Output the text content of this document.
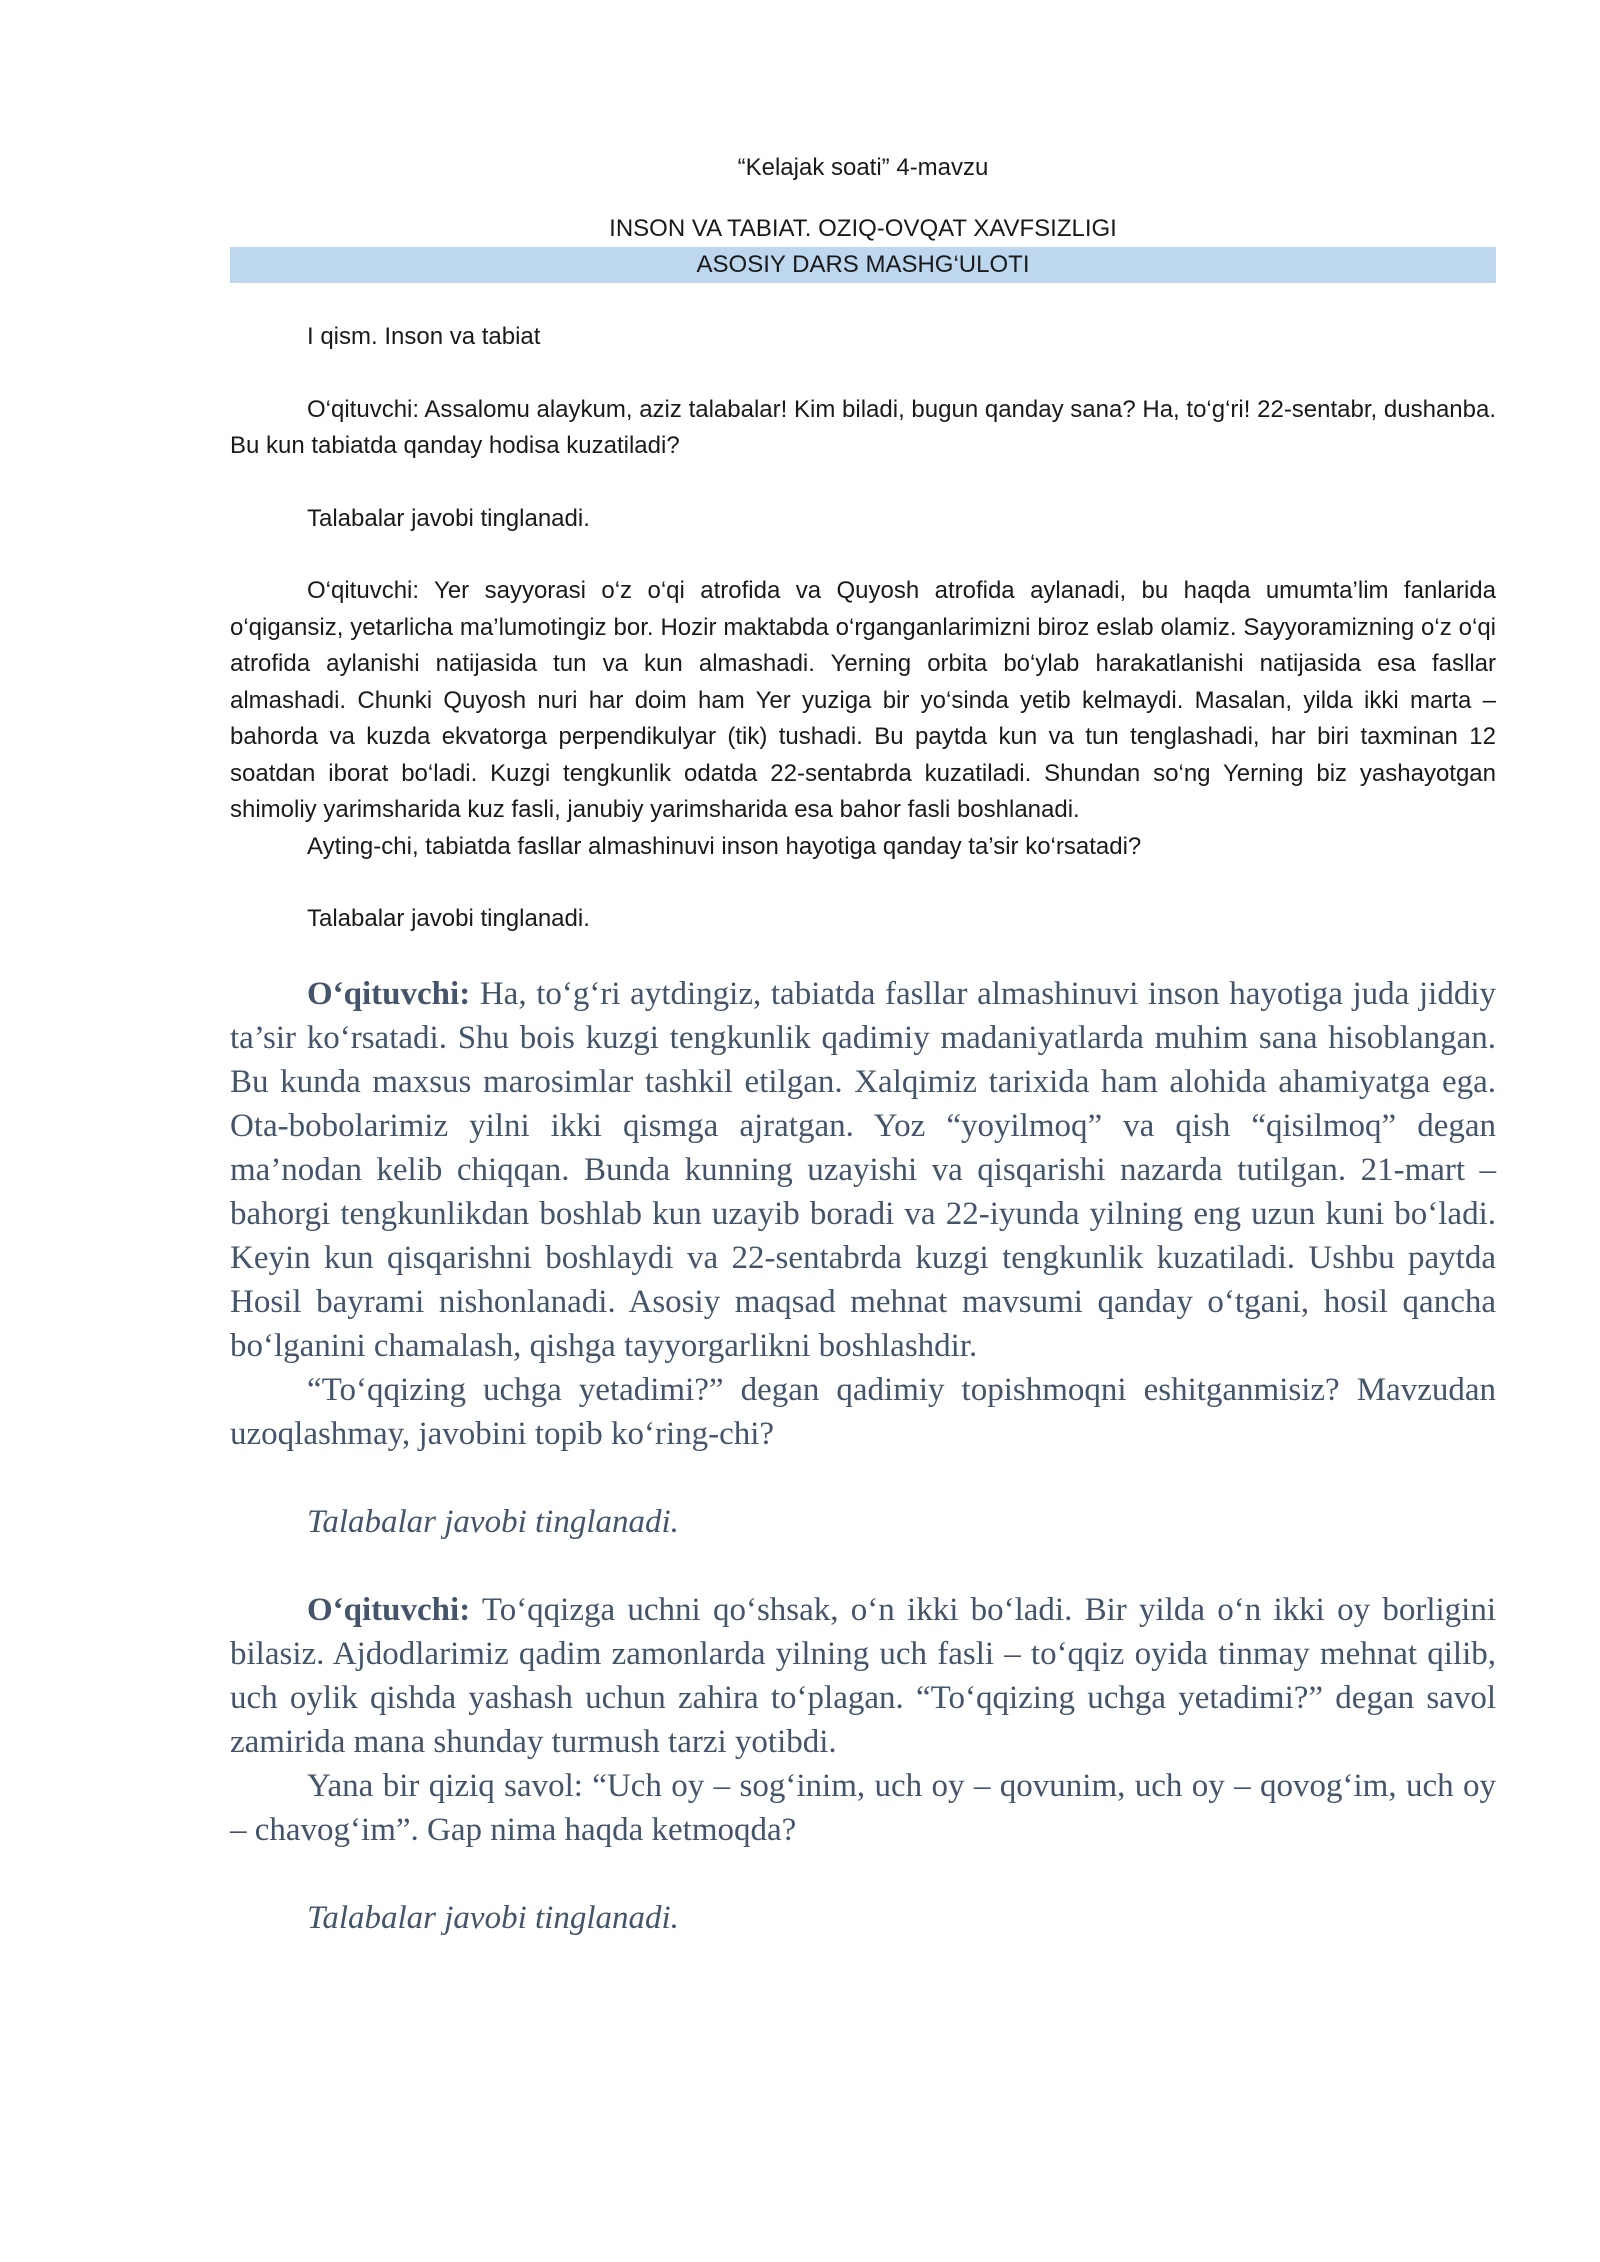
“Kelajak soati” 4-mavzu

INSON VA TABIAT. OZIQ-OVQAT XAVFSIZLIGI

ASOSIY DARS MASHG‘ULOTI

I qism. Inson va tabiat

O‘qituvchi: Assalomu alaykum, aziz talabalar! Kim biladi, bugun qanday sana? Ha, to‘g‘ri! 22-sentabr, dushanba. Bu kun tabiatda qanday hodisa kuzatiladi?

Talabalar javobi tinglanadi.

O‘qituvchi: Yer sayyorasi o‘z o‘qi atrofida va Quyosh atrofida aylanadi, bu haqda umumta’lim fanlarida o‘qigansiz, yetarlicha ma’lumotingiz bor. Hozir maktabda o‘rganganlarimizni biroz eslab olamiz. Sayyoramizning o‘z o‘qi atrofida aylanishi natijasida tun va kun almashadi. Yerning orbita bo‘ylab harakatlanishi natijasida esa fasllar almashadi. Chunki Quyosh nuri har doim ham Yer yuziga bir yo‘sinda yetib kelmaydi. Masalan, yilda ikki marta – bahorda va kuzda ekvatorga perpendikulyar (tik) tushadi. Bu paytda kun va tun tenglashadi, har biri taxminan 12 soatdan iborat bo‘ladi. Kuzgi tengkunlik odatda 22-sentabrda kuzatiladi. Shundan so‘ng Yerning biz yashayotgan shimoliy yarimsharida kuz fasli, janubiy yarimsharida esa bahor fasli boshlanadi.

Ayting-chi, tabiatda fasllar almashinuvi inson hayotiga qanday ta’sir ko‘rsatadi?

Talabalar javobi tinglanadi.

O‘qituvchi: Ha, to‘g‘ri aytdingiz, tabiatda fasllar almashinuvi inson hayotiga juda jiddiy ta’sir ko‘rsatadi. Shu bois kuzgi tengkunlik qadimiy madaniyatlarda muhim sana hisoblangan. Bu kunda maxsus marosimlar tashkil etilgan. Xalqimiz tarixida ham alohida ahamiyatga ega. Ota-bobolarimiz yilni ikki qismga ajratgan. Yoz “yoyilmoq” va qish “qisilmoq” degan ma’nodan kelib chiqqan. Bunda kunning uzayishi va qisqarishi nazarda tutilgan. 21-mart – bahorgi tengkunlikdan boshlab kun uzayib boradi va 22-iyunda yilning eng uzun kuni bo‘ladi. Keyin kun qisqarishni boshlaydi va 22-sentabrda kuzgi tengkunlik kuzatiladi. Ushbu paytda Hosil bayrami nishonlanadi. Asosiy maqsad mehnat mavsumi qanday o‘tgani, hosil qancha bo‘lganini chamalash, qishga tayyorgarlikni boshlashdir.

“To‘qqizing uchga yetadimi?” degan qadimiy topishmoqni eshitganmisiz? Mavzudan uzoqlashmay, javobini topib ko‘ring-chi?

Talabalar javobi tinglanadi.

O‘qituvchi: To‘qqizga uchni qo‘shsak, o‘n ikki bo‘ladi. Bir yilda o‘n ikki oy borligini bilasiz. Ajdodlarimiz qadim zamonlarda yilning uch fasli – to‘qqiz oyida tinmay mehnat qilib, uch oylik qishda yashash uchun zahira to‘plagan. “To‘qqizing uchga yetadimi?” degan savol zamirida mana shunday turmush tarzi yotibdi.

Yana bir qiziq savol: “Uch oy – sog‘inim, uch oy – qovunim, uch oy – qovog‘im, uch oy – chavog‘im”. Gap nima haqda ketmoqda?

Talabalar javobi tinglanadi.
